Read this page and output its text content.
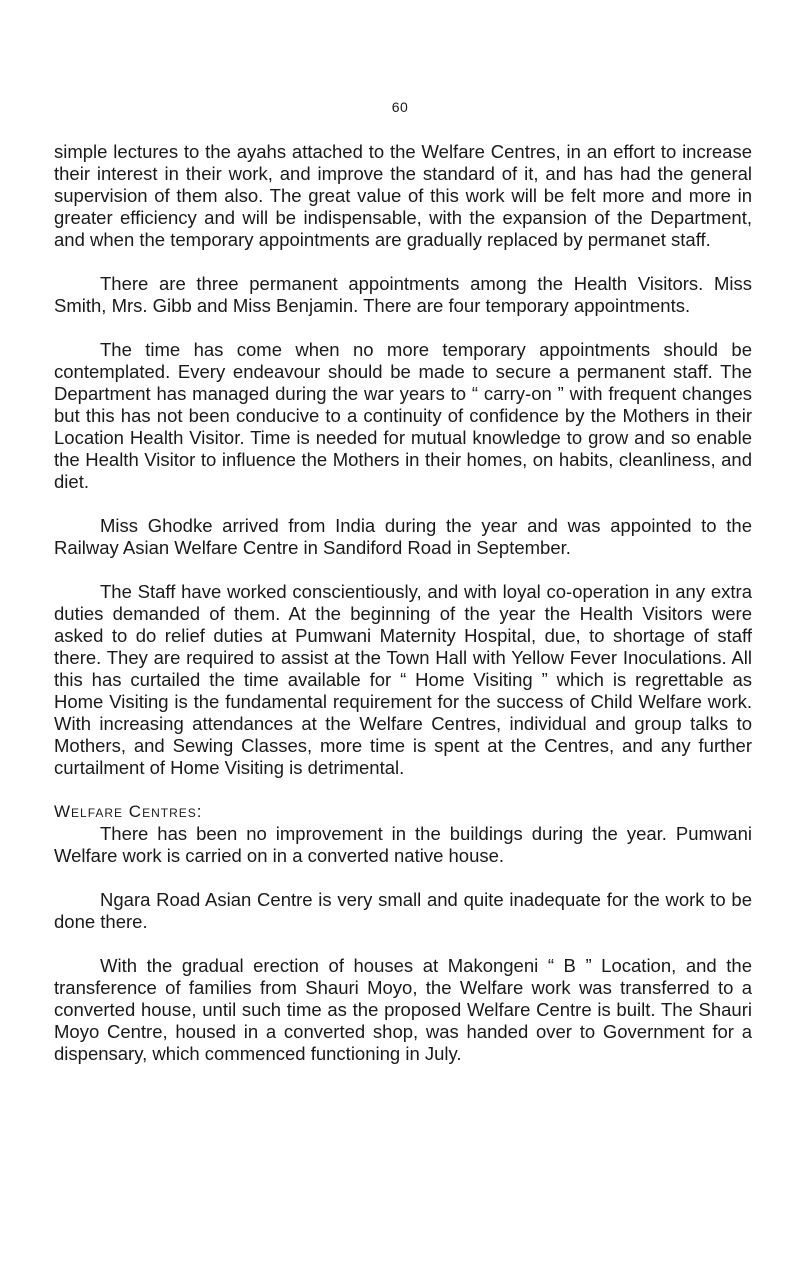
60

simple lectures to the ayahs attached to the Welfare Centres, in an effort to increase their interest in their work, and improve the standard of it, and has had the general supervision of them also. The great value of this work will be felt more and more in greater efficiency and will be indispensable, with the expansion of the Department, and when the temporary appointments are gradually replaced by permanet staff.

There are three permanent appointments among the Health Visitors. Miss Smith, Mrs. Gibb and Miss Benjamin. There are four temporary appointments.

The time has come when no more temporary appointments should be contemplated. Every endeavour should be made to secure a permanent staff. The Department has managed during the war years to “ carry-on ” with frequent changes but this has not been conducive to a continuity of confidence by the Mothers in their Location Health Visitor. Time is needed for mutual knowledge to grow and so enable the Health Visitor to influence the Mothers in their homes, on habits, cleanliness, and diet.

Miss Ghodke arrived from India during the year and was appointed to the Railway Asian Welfare Centre in Sandiford Road in September.

The Staff have worked conscientiously, and with loyal co-operation in any extra duties demanded of them. At the beginning of the year the Health Visitors were asked to do relief duties at Pumwani Maternity Hospital, due, to shortage of staff there. They are required to assist at the Town Hall with Yellow Fever Inoculations. All this has curtailed the time available for “ Home Visiting ” which is regrettable as Home Visiting is the fundamental requirement for the success of Child Welfare work. With increasing attendances at the Welfare Centres, individual and group talks to Mothers, and Sewing Classes, more time is spent at the Centres, and any further curtailment of Home Visiting is detrimental.

Welfare Centres:

There has been no improvement in the buildings during the year. Pumwani Welfare work is carried on in a converted native house.

Ngara Road Asian Centre is very small and quite inadequate for the work to be done there.

With the gradual erection of houses at Makongeni “ B ” Location, and the transference of families from Shauri Moyo, the Welfare work was transferred to a converted house, until such time as the proposed Welfare Centre is built. The Shauri Moyo Centre, housed in a converted shop, was handed over to Government for a dispensary, which commenced functioning in July.
